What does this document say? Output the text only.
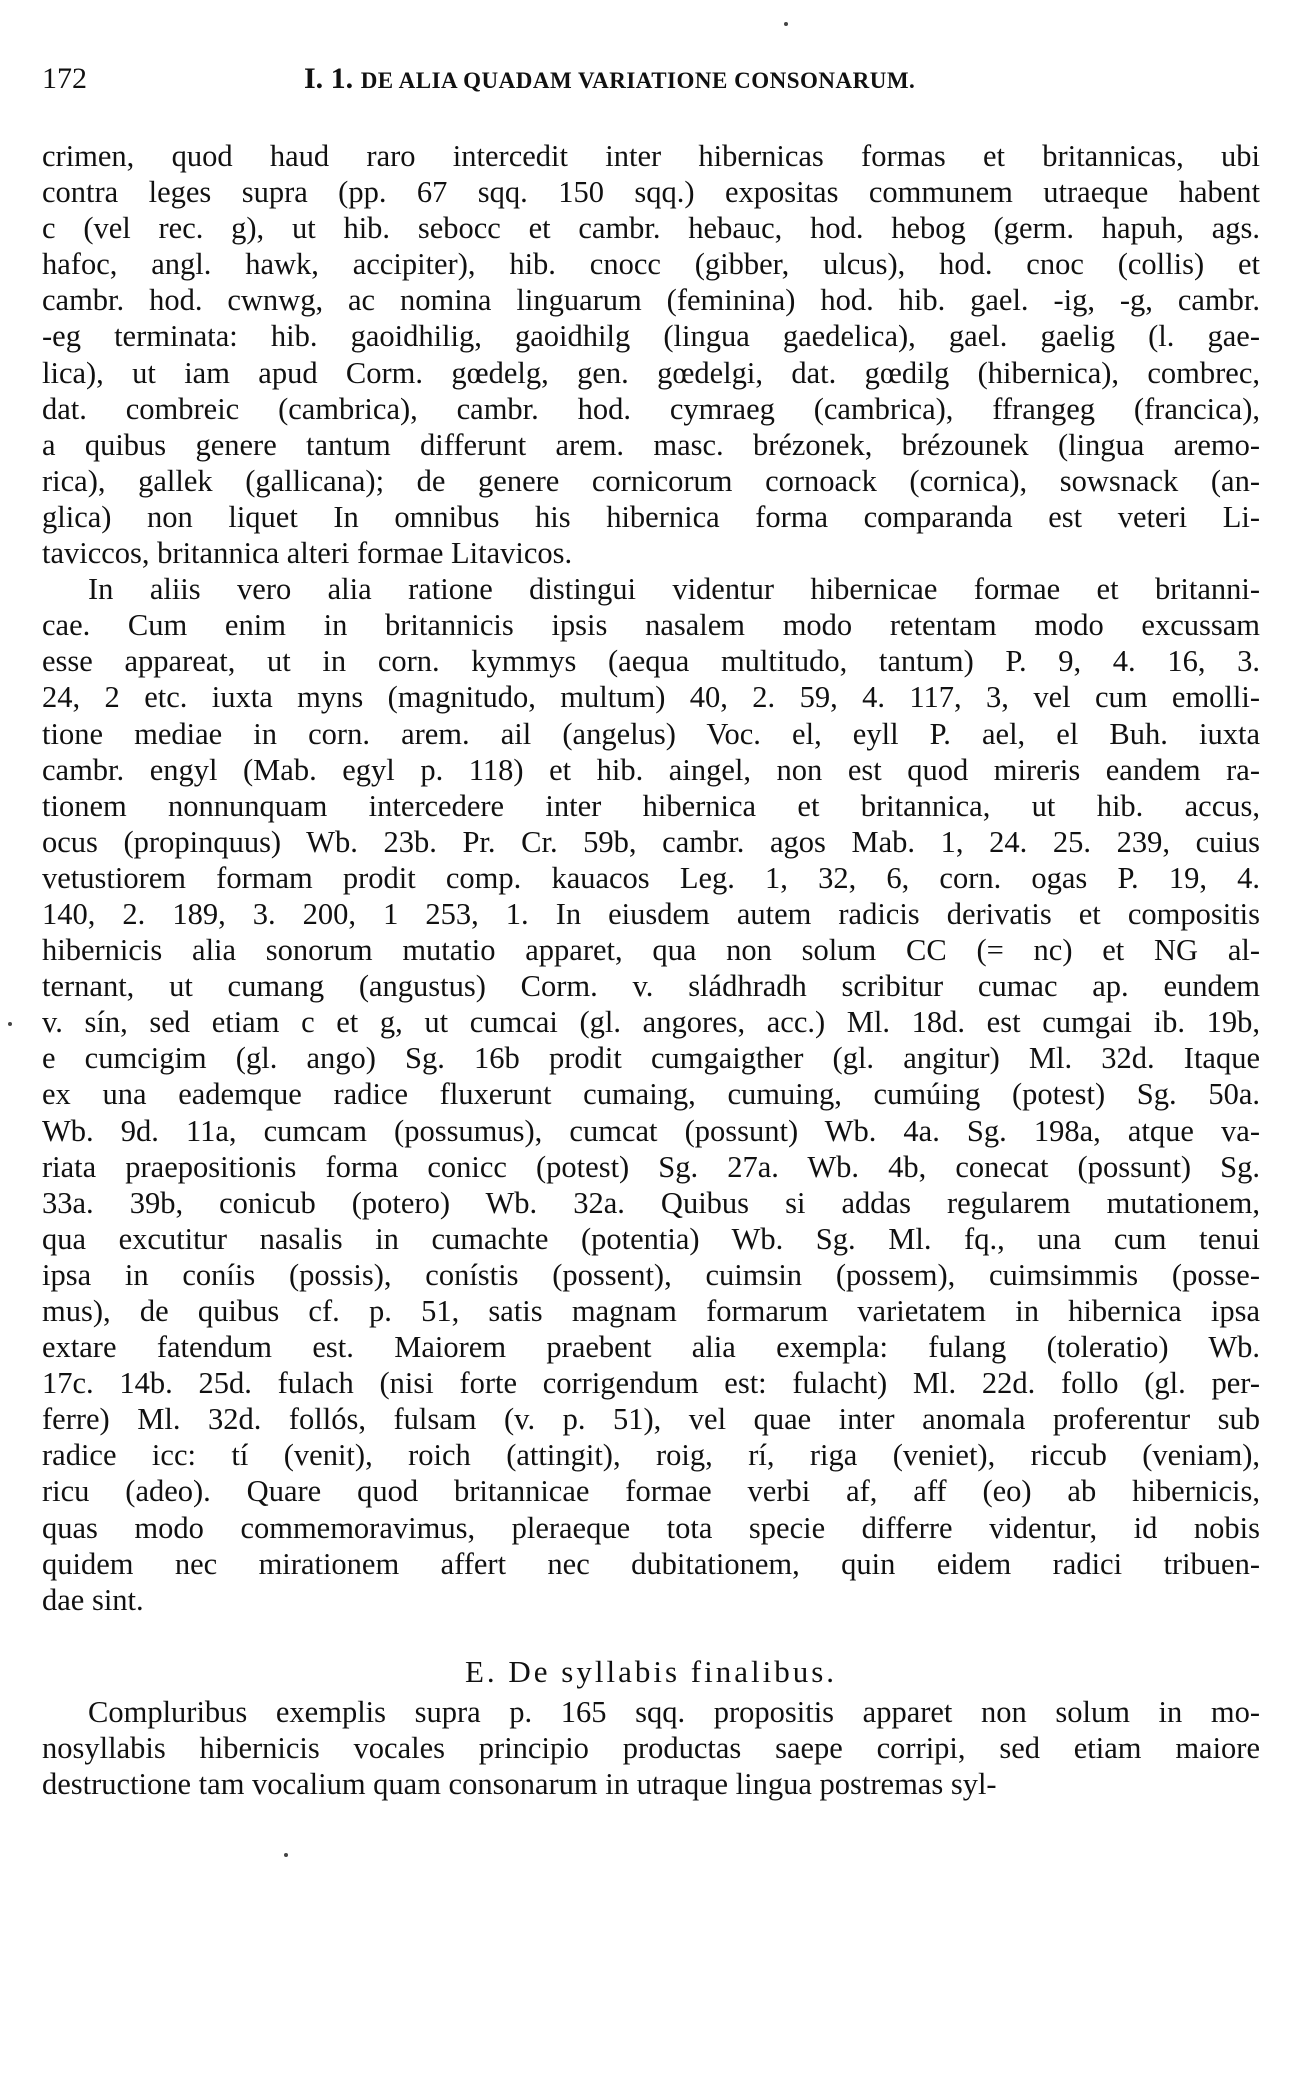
172	I. 1. DE ALIA QUADAM VARIATIONE CONSONARUM.
crimen, quod haud raro intercedit inter hibernicas formas et britannicas, ubi
contra leges supra (pp. 67 sqq. 150 sqq.) expositas communem utraeque habent
c (vel rec. g), ut hib. sebocc et cambr. hebauc, hod. hebog (germ. hapuh, ags.
hafoc, angl. hawk, accipiter), hib. cnocc (gibber, ulcus), hod. cnoc (collis) et
cambr. hod. cwnwg, ac nomina linguarum (feminina) hod. hib. gael. -ig, -g, cambr.
-eg terminata: hib. gaoidhilig, gaoidhilg (lingua gaedelica), gael. gaelig (l. gae-
lica), ut iam apud Corm. gœdelg, gen. gœdelgi, dat. gœdilg (hibernica), combrec,
dat. combreic (cambrica), cambr. hod. cymraeg (cambrica), ffrangeg (francica),
a quibus genere tantum differunt arem. masc. brézonek, brézounek (lingua aremo-
rica), gallek (gallicana); de genere cornicorum cornoack (cornica), sowsnack (an-
glica) non liquet In omnibus his hibernica forma comparanda est veteri Li-
taviccos, britannica alteri formae Litavicos.
In aliis vero alia ratione distingui videntur hibernicae formae et britanni-
cae. Cum enim in britannicis ipsis nasalem modo retentam modo excussam
esse appareat, ut in corn. kymmys (aequa multitudo, tantum) P. 9, 4. 16, 3.
24, 2 etc. iuxta myns (magnitudo, multum) 40, 2. 59, 4. 117, 3, vel cum emolli-
tione mediae in corn. arem. ail (angelus) Voc. el, eyll P. ael, el Buh. iuxta
cambr. engyl (Mab. egyl p. 118) et hib. aingel, non est quod mireris eandem ra-
tionem nonnunquam intercedere inter hibernica et britannica, ut hib. accus,
ocus (propinquus) Wb. 23b. Pr. Cr. 59b, cambr. agos Mab. 1, 24. 25. 239, cuius
vetustiorem formam prodit comp. kauacos Leg. 1, 32, 6, corn. ogas P. 19, 4.
140, 2. 189, 3. 200, 1 253, 1. In eiusdem autem radicis derivatis et compositis
hibernicis alia sonorum mutatio apparet, qua non solum CC (= nc) et NG al-
ternant, ut cumang (angustus) Corm. v. sládhradh scribitur cumac ap. eundem
v. sín, sed etiam c et g, ut cumcai (gl. angores, acc.) Ml. 18d. est cumgai ib. 19b,
e cumcigim (gl. ango) Sg. 16b prodit cumgaigther (gl. angitur) Ml. 32d. Itaque
ex una eademque radice fluxerunt cumaing, cumuing, cumúing (potest) Sg. 50a.
Wb. 9d. 11a, cumcam (possumus), cumcat (possunt) Wb. 4a. Sg. 198a, atque va-
riata praepositionis forma conicc (potest) Sg. 27a. Wb. 4b, conecat (possunt) Sg.
33a. 39b, conicub (potero) Wb. 32a. Quibus si addas regularem mutationem,
qua excutitur nasalis in cumachte (potentia) Wb. Sg. Ml. fq., una cum tenui
ipsa in coníis (possis), conístis (possent), cuimsin (possem), cuimsimmis (posse-
mus), de quibus cf. p. 51, satis magnam formarum varietatem in hibernica ipsa
extare fatendum est. Maiorem praebent alia exempla: fulang (toleratio) Wb.
17c. 14b. 25d. fulach (nisi forte corrigendum est: fulacht) Ml. 22d. follo (gl. per-
ferre) Ml. 32d. follós, fulsam (v. p. 51), vel quae inter anomala proferentur sub
radice icc: tí (venit), roich (attingit), roig, rí, riga (veniet), riccub (veniam),
ricu (adeo). Quare quod britannicae formae verbi af, aff (eo) ab hibernicis,
quas modo commemoravimus, pleraeque tota specie differre videntur, id nobis
quidem nec mirationem affert nec dubitationem, quin eidem radici tribuen-
dae sint.
E. De syllabis finalibus.
Compluribus exemplis supra p. 165 sqq. propositis apparet non solum in mo-
nosyllabis hibernicis vocales principio productas saepe corripi, sed etiam maiore
destructione tam vocalium quam consonarum in utraque lingua postremas syl-
